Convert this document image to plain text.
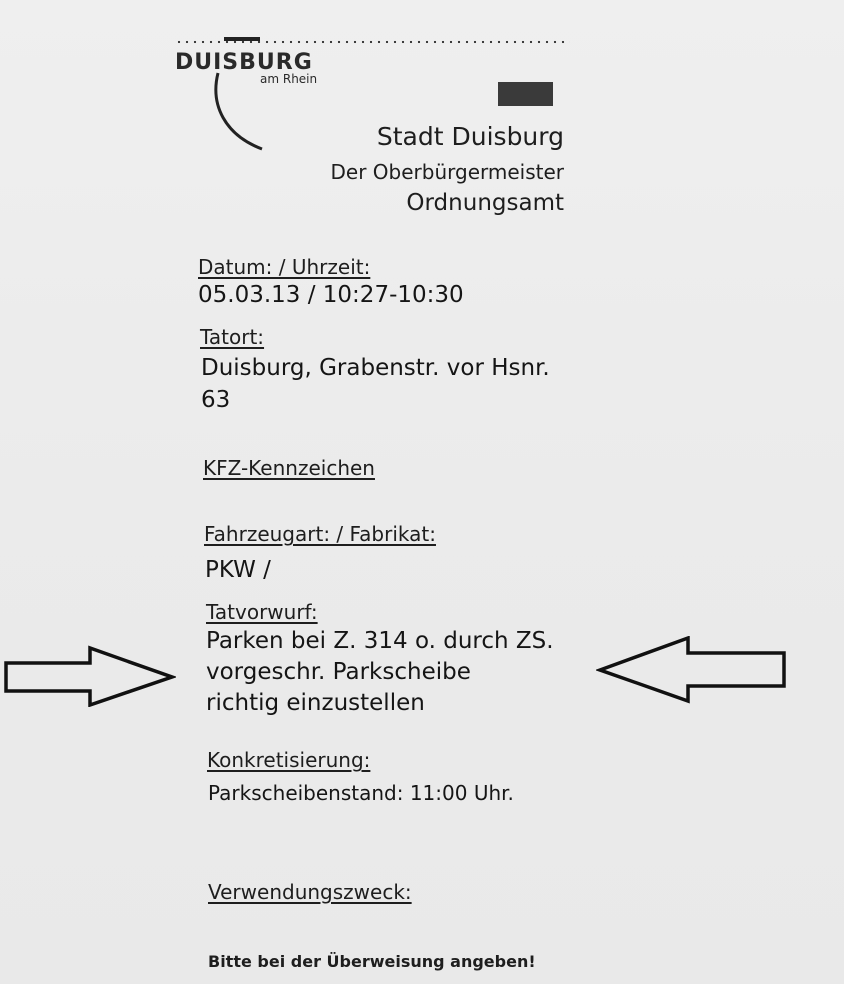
DUISBURG
am Rhein
Stadt Duisburg
Der Oberbürgermeister
Ordnungsamt
Datum: / Uhrzeit:
05.03.13 / 10:27-10:30
Tatort:
Duisburg, Grabenstr. vor Hsnr.
63
KFZ-Kennzeichen
Fahrzeugart: / Fabrikat:
PKW /
Tatvorwurf:
Parken bei Z. 314 o. durch ZS.
vorgeschr. Parkscheibe
richtig einzustellen
Konkretisierung:
Parkscheibenstand: 11:00 Uhr.
Verwendungszweck:
Bitte bei der Überweisung angeben!
